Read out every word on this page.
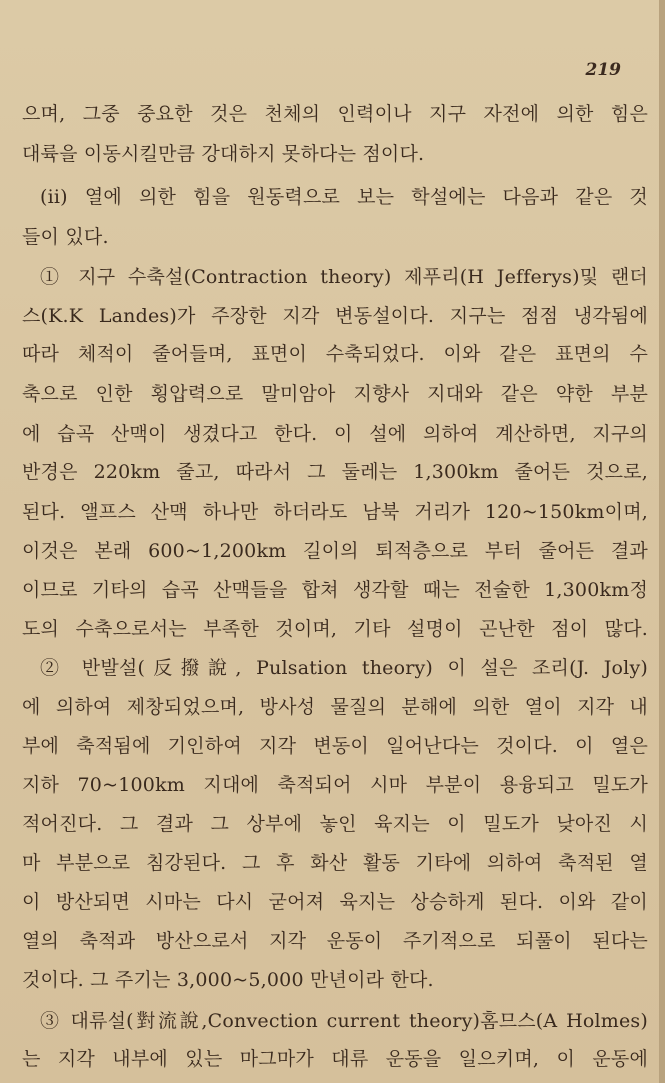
219
으며, 그중 중요한 것은 천체의 인력이나 지구 자전에 의한 힘은
대륙을 이동시킬만큼 강대하지 못하다는 점이다.
(ii) 열에 의한 힘을 원동력으로 보는 학설에는 다음과 같은 것
들이 있다.
① 지구 수축설(Contraction theory) 제푸리(H Jefferys)및 랜더
스(K.K Landes)가 주장한 지각 변동설이다. 지구는 점점 냉각됨에
따라 체적이 줄어들며, 표면이 수축되었다. 이와 같은 표면의 수
축으로 인한 횡압력으로 말미암아 지향사 지대와 같은 약한 부분
에 습곡 산맥이 생겼다고 한다. 이 설에 의하여 계산하면, 지구의
반경은 220km 줄고, 따라서 그 둘레는 1,300km 줄어든 것으로,
된다. 앨프스 산맥 하나만 하더라도 남북 거리가 120~150km이며,
이것은 본래 600~1,200km 길이의 퇴적층으로 부터 줄어든 결과
이므로 기타의 습곡 산맥들을 합쳐 생각할 때는 전술한 1,300km정
도의 수축으로서는 부족한 것이며, 기타 설명이 곤난한 점이 많다.
② 반발설(反撥說, Pulsation theory) 이 설은 조리(J. Joly)
에 의하여 제창되었으며, 방사성 물질의 분해에 의한 열이 지각 내
부에 축적됨에 기인하여 지각 변동이 일어난다는 것이다. 이 열은
지하 70~100km 지대에 축적되어 시마 부분이 용융되고 밀도가
적어진다. 그 결과 그 상부에 놓인 육지는 이 밀도가 낮아진 시
마 부분으로 침강된다. 그 후 화산 활동 기타에 의하여 축적된 열
이 방산되면 시마는 다시 굳어져 육지는 상승하게 된다. 이와 같이
열의 축적과 방산으로서 지각 운동이 주기적으로 되풀이 된다는
것이다. 그 주기는 3,000~5,000 만년이라 한다.
③ 대류설(對流說,Convection current theory)홈므스(A Holmes)
는 지각 내부에 있는 마그마가 대류 운동을 일으키며, 이 운동에
